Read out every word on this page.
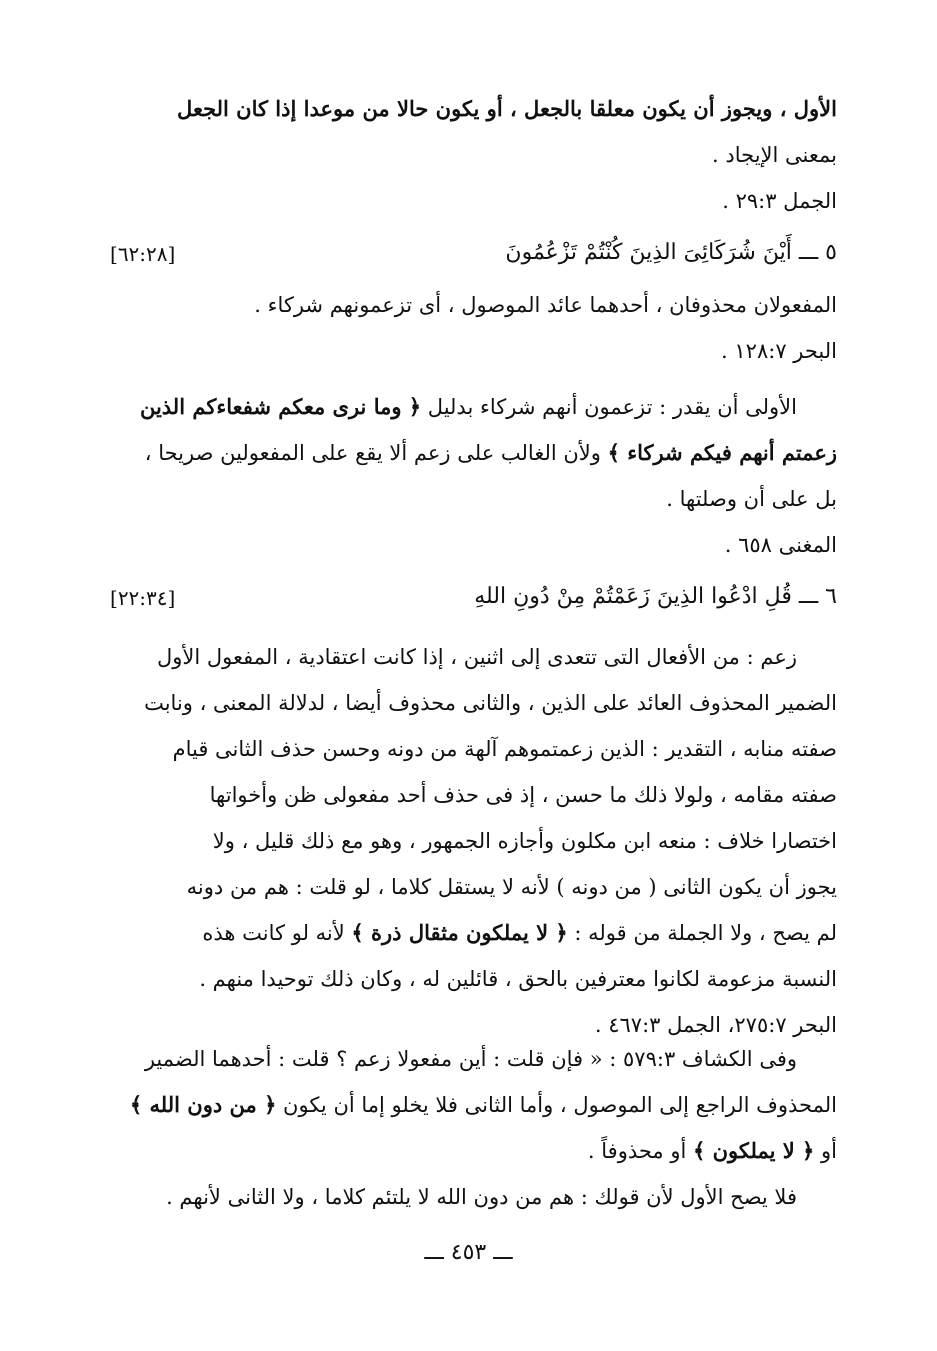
الأول ، ويجوز أن يكون معلقا بالجعل ، أو يكون حالا من موعدا إذا كان الجعل
بمعنى الإيجاد .
الجمل ٢٩:٣ .
٥ ـــ أَيْنَ شُرَكَائِىَ الذِينَ كُنْتُمْ تَزْعُمُونَ
[٦٢:٢٨]
المفعولان محذوفان ، أحدهما عائد الموصول ، أى تزعمونهم شركاء .
البحر ١٢٨:٧ .
الأولى أن يقدر : تزعمون أنهم شركاء بدليل ﴿ وما نرى معكم شفعاءكم الذين
زعمتم أنهم فيكم شركاء ﴾ ولأن الغالب على زعم ألا يقع على المفعولين صريحا ،
بل على أن وصلتها .
المغنى ٦٥٨ .
٦ ـــ قُلِ ادْعُوا الذِينَ زَعَمْتُمْ مِنْ دُونِ اللهِ
[٢٢:٣٤]
زعم : من الأفعال التى تتعدى إلى اثنين ، إذا كانت اعتقادية ، المفعول الأول
الضمير المحذوف العائد على الذين ، والثانى محذوف أيضا ، لدلالة المعنى ، ونابت
صفته منابه ، التقدير : الذين زعمتموهم آلهة من دونه وحسن حذف الثانى قيام
صفته مقامه ، ولولا ذلك ما حسن ، إذ فى حذف أحد مفعولى ظن وأخواتها
اختصارا خلاف : منعه ابن مكلون وأجازه الجمهور ، وهو مع ذلك قليل ، ولا
يجوز أن يكون الثانى ( من دونه ) لأنه لا يستقل كلاما ، لو قلت : هم من دونه
لم يصح ، ولا الجملة من قوله : ﴿ لا يملكون مثقال ذرة ﴾ لأنه لو كانت هذه
النسبة مزعومة لكانوا معترفين بالحق ، قائلين له ، وكان ذلك توحيدا منهم .
البحر ٢٧٥:٧، الجمل ٤٦٧:٣ .
وفى الكشاف ٥٧٩:٣ : « فإن قلت : أين مفعولا زعم ؟ قلت : أحدهما الضمير
المحذوف الراجع إلى الموصول ، وأما الثانى فلا يخلو إما أن يكون ﴿ من دون الله ﴾
أو ﴿ لا يملكون ﴾ أو محذوفاً .
فلا يصح الأول لأن قولك : هم من دون الله لا يلتئم كلاما ، ولا الثانى لأنهم .
ـــ ٤٥٣ ـــ
